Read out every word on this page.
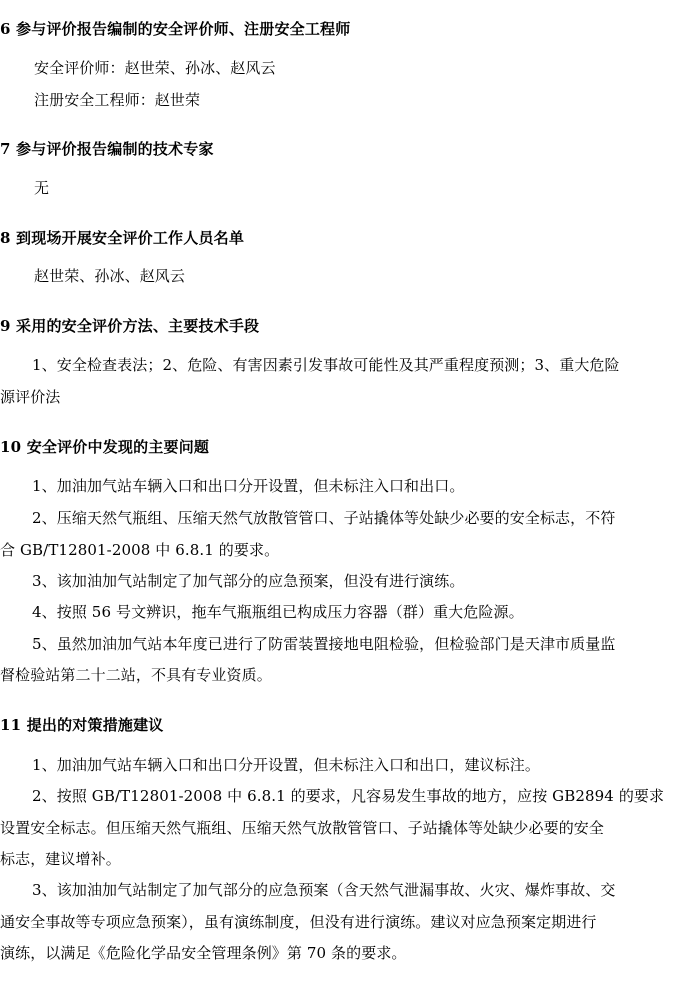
6 参与评价报告编制的安全评价师、注册安全工程师
安全评价师：赵世荣、孙冰、赵风云
注册安全工程师：赵世荣
7 参与评价报告编制的技术专家
无
8 到现场开展安全评价工作人员名单
赵世荣、孙冰、赵风云
9 采用的安全评价方法、主要技术手段
1、安全检查表法；2、危险、有害因素引发事故可能性及其严重程度预测；3、重大危险
源评价法
10 安全评价中发现的主要问题
1、加油加气站车辆入口和出口分开设置，但未标注入口和出口。
2、压缩天然气瓶组、压缩天然气放散管管口、子站撬体等处缺少必要的安全标志，不符
合 GB/T12801-2008 中 6.8.1 的要求。
3、该加油加气站制定了加气部分的应急预案，但没有进行演练。
4、按照 56 号文辨识，拖车气瓶瓶组已构成压力容器（群）重大危险源。
5、虽然加油加气站本年度已进行了防雷装置接地电阻检验，但检验部门是天津市质量监
督检验站第二十二站，不具有专业资质。
11 提出的对策措施建议
1、加油加气站车辆入口和出口分开设置，但未标注入口和出口，建议标注。
2、按照 GB/T12801-2008 中 6.8.1 的要求，凡容易发生事故的地方，应按 GB2894 的要求
设置安全标志。但压缩天然气瓶组、压缩天然气放散管管口、子站撬体等处缺少必要的安全
标志，建议增补。
3、该加油加气站制定了加气部分的应急预案（含天然气泄漏事故、火灾、爆炸事故、交
通安全事故等专项应急预案），虽有演练制度，但没有进行演练。建议对应急预案定期进行
演练，以满足《危险化学品安全管理条例》第 70 条的要求。
